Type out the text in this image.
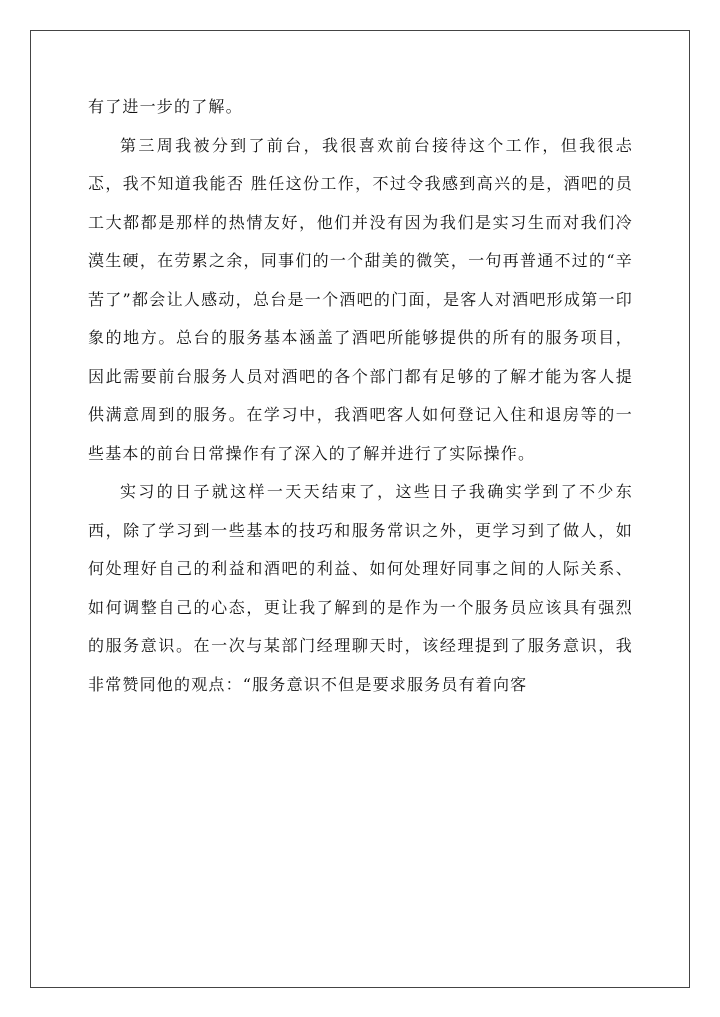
有了进一步的了解。

第三周我被分到了前台，我很喜欢前台接待这个工作，但我很忐忑，我不知道我能否 胜任这份工作，不过令我感到高兴的是，酒吧的员工大都都是那样的热情友好，他们并没有因为我们是实习生而对我们冷漠生硬，在劳累之余，同事们的一个甜美的微笑，一句再普通不过的“辛苦了”都会让人感动，总台是一个酒吧的门面，是客人对酒吧形成第一印象的地方。总台的服务基本涵盖了酒吧所能够提供的所有的服务项目，因此需要前台服务人员对酒吧的各个部门都有足够的了解才能为客人提供满意周到的服务。在学习中，我酒吧客人如何登记入住和退房等的一些基本的前台日常操作有了深入的了解并进行了实际操作。

实习的日子就这样一天天结束了，这些日子我确实学到了不少东西，除了学习到一些基本的技巧和服务常识之外，更学习到了做人，如何处理好自己的利益和酒吧的利益、如何处理好同事之间的人际关系、如何调整自己的心态，更让我了解到的是作为一个服务员应该具有强烈的服务意识。在一次与某部门经理聊天时，该经理提到了服务意识，我非常赞同他的观点：“服务意识不但是要求服务员有着向客
